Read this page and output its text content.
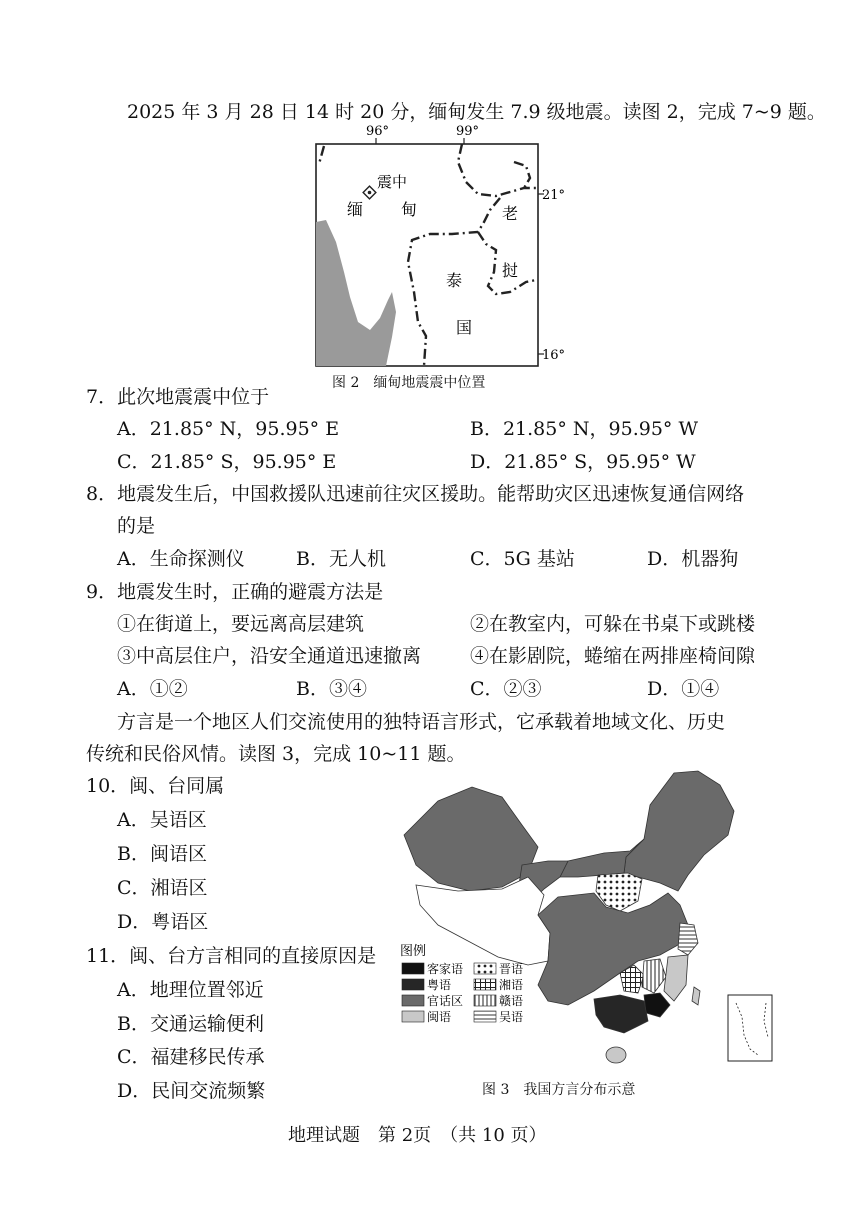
2025 年 3 月 28 日 14 时 20 分，缅甸发生 7.9 级地震。读图 2，完成 7~9 题。
96°	99°
21°
16°
震中
缅 甸	老
挝
泰
国
图 2　缅甸地震震中位置
7．此次地震震中位于
A．21.85° N，95.95° E	B．21.85° N，95.95° W
C．21.85° S，95.95° E	D．21.85° S，95.95° W
8．地震发生后，中国救援队迅速前往灾区援助。能帮助灾区迅速恢复通信网络
的是
A．生命探测仪	B．无人机	C．5G 基站	D．机器狗
9．地震发生时，正确的避震方法是
①在街道上，要远离高层建筑	②在教室内，可躲在书桌下或跳楼
③中高层住户，沿安全通道迅速撤离	④在影剧院，蜷缩在两排座椅间隙
A．①②	B．③④	C．②③	D．①④
方言是一个地区人们交流使用的独特语言形式，它承载着地域文化、历史
传统和民俗风情。读图 3，完成 10~11 题。
10．闽、台同属
A．吴语区
B．闽语区
C．湘语区
D．粤语区
11．闽、台方言相同的直接原因是
A．地理位置邻近
B．交通运输便利
C．福建移民传承
D．民间交流频繁
图例
客家语	晋语
粤语	湘语
官话区	赣语
闽语	吴语
图 3　我国方言分布示意
地理试题　第 2页　（共 10 页）
